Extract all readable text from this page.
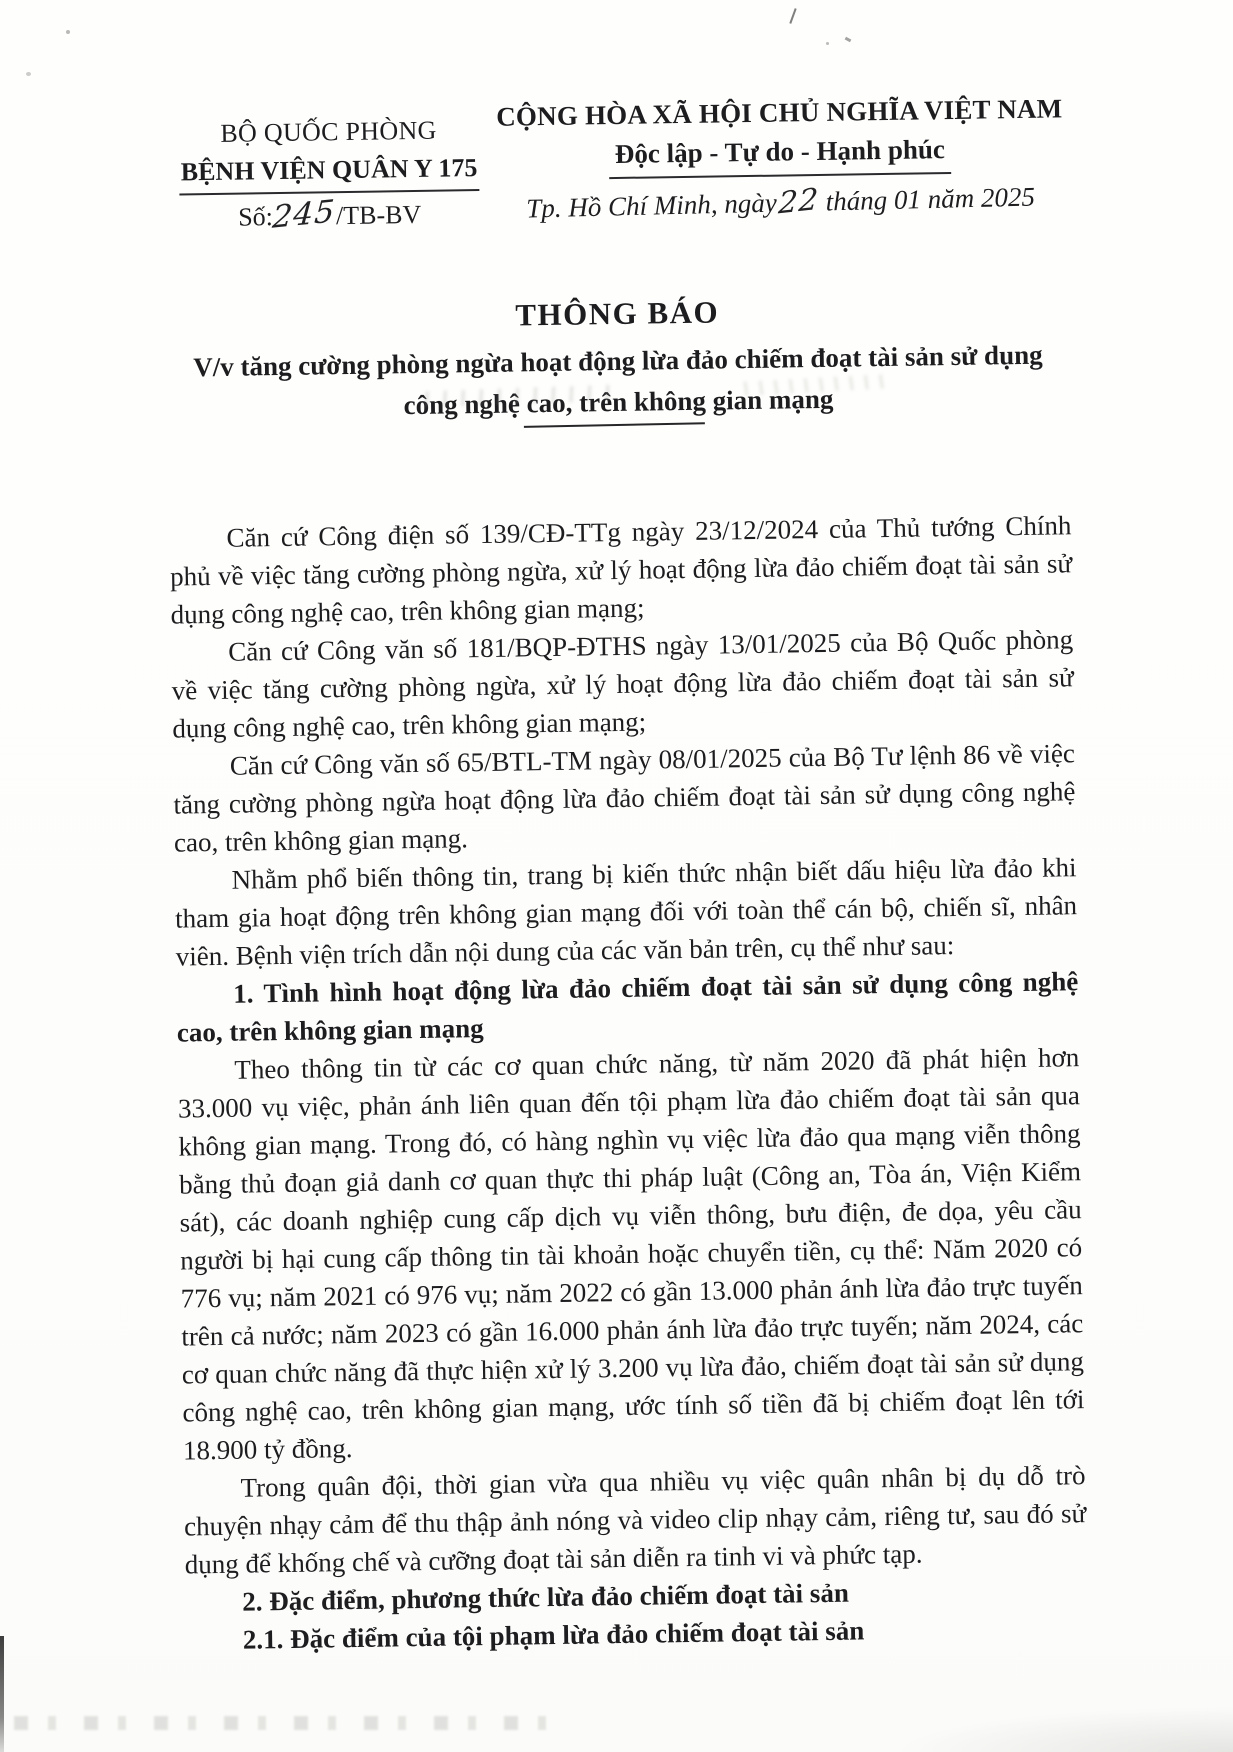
BỘ QUỐC PHÒNG
BỆNH VIỆN QUÂN Y 175
Số:245/TB-BV
CỘNG HÒA XÃ HỘI CHỦ NGHĨA VIỆT NAM
Độc lập - Tự do - Hạnh phúc
Tp. Hồ Chí Minh, ngày22 tháng 01 năm 2025
THÔNG BÁO
V/v tăng cường phòng ngừa hoạt động lừa đảo chiếm đoạt tài sản sử dụng
công nghệ cao, trên không gian mạng

Căn cứ Công điện số 139/CĐ-TTg ngày 23/12/2024 của Thủ tướng Chính phủ về việc tăng cường phòng ngừa, xử lý hoạt động lừa đảo chiếm đoạt tài sản sử dụng công nghệ cao, trên không gian mạng;

Căn cứ Công văn số 181/BQP-ĐTHS ngày 13/01/2025 của Bộ Quốc phòng về việc tăng cường phòng ngừa, xử lý hoạt động lừa đảo chiếm đoạt tài sản sử dụng công nghệ cao, trên không gian mạng;

Căn cứ Công văn số 65/BTL-TM ngày 08/01/2025 của Bộ Tư lệnh 86 về việc tăng cường phòng ngừa hoạt động lừa đảo chiếm đoạt tài sản sử dụng công nghệ cao, trên không gian mạng.

Nhằm phổ biến thông tin, trang bị kiến thức nhận biết dấu hiệu lừa đảo khi tham gia hoạt động trên không gian mạng đối với toàn thể cán bộ, chiến sĩ, nhân viên. Bệnh viện trích dẫn nội dung của các văn bản trên, cụ thể như sau:

1. Tình hình hoạt động lừa đảo chiếm đoạt tài sản sử dụng công nghệ cao, trên không gian mạng

Theo thông tin từ các cơ quan chức năng, từ năm 2020 đã phát hiện hơn 33.000 vụ việc, phản ánh liên quan đến tội phạm lừa đảo chiếm đoạt tài sản qua không gian mạng. Trong đó, có hàng nghìn vụ việc lừa đảo qua mạng viễn thông bằng thủ đoạn giả danh cơ quan thực thi pháp luật (Công an, Tòa án, Viện Kiểm sát), các doanh nghiệp cung cấp dịch vụ viễn thông, bưu điện, đe dọa, yêu cầu người bị hại cung cấp thông tin tài khoản hoặc chuyển tiền, cụ thể: Năm 2020 có 776 vụ; năm 2021 có 976 vụ; năm 2022 có gần 13.000 phản ánh lừa đảo trực tuyến trên cả nước; năm 2023 có gần 16.000 phản ánh lừa đảo trực tuyến; năm 2024, các cơ quan chức năng đã thực hiện xử lý 3.200 vụ lừa đảo, chiếm đoạt tài sản sử dụng công nghệ cao, trên không gian mạng, ước tính số tiền đã bị chiếm đoạt lên tới 18.900 tỷ đồng.

Trong quân đội, thời gian vừa qua nhiều vụ việc quân nhân bị dụ dỗ trò chuyện nhạy cảm để thu thập ảnh nóng và video clip nhạy cảm, riêng tư, sau đó sử dụng để khống chế và cưỡng đoạt tài sản diễn ra tinh vi và phức tạp.

2. Đặc điểm, phương thức lừa đảo chiếm đoạt tài sản

2.1. Đặc điểm của tội phạm lừa đảo chiếm đoạt tài sản
